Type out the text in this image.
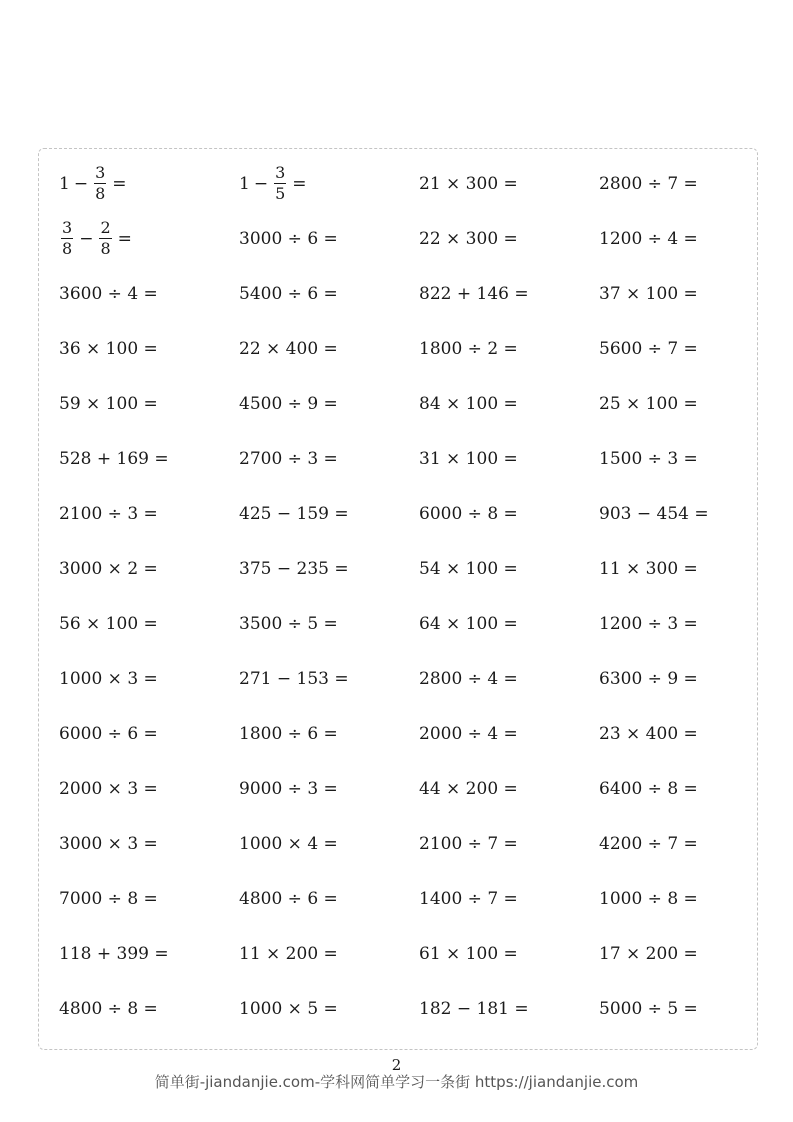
$1 - \frac{3}{8}$ =	$1 - \frac{3}{5}$ =	21 × 300 =	2800 ÷ 7 =
$\frac{3}{8} - \frac{2}{8}$ =	3000 ÷ 6 =	22 × 300 =	1200 ÷ 4 =
3600 ÷ 4 =	5400 ÷ 6 =	822 + 146 =	37 × 100 =
36 × 100 =	22 × 400 =	1800 ÷ 2 =	5600 ÷ 7 =
59 × 100 =	4500 ÷ 9 =	84 × 100 =	25 × 100 =
528 + 169 =	2700 ÷ 3 =	31 × 100 =	1500 ÷ 3 =
2100 ÷ 3 =	425 − 159 =	6000 ÷ 8 =	903 − 454 =
3000 × 2 =	375 − 235 =	54 × 100 =	11 × 300 =
56 × 100 =	3500 ÷ 5 =	64 × 100 =	1200 ÷ 3 =
1000 × 3 =	271 − 153 =	2800 ÷ 4 =	6300 ÷ 9 =
6000 ÷ 6 =	1800 ÷ 6 =	2000 ÷ 4 =	23 × 400 =
2000 × 3 =	9000 ÷ 3 =	44 × 200 =	6400 ÷ 8 =
3000 × 3 =	1000 × 4 =	2100 ÷ 7 =	4200 ÷ 7 =
7000 ÷ 8 =	4800 ÷ 6 =	1400 ÷ 7 =	1000 ÷ 8 =
118 + 399 =	11 × 200 =	61 × 100 =	17 × 200 =
4800 ÷ 8 =	1000 × 5 =	182 − 181 =	5000 ÷ 5 =
2
简单街-jiandanjie.com-学科网简单学习一条街 https://jiandanjie.com
